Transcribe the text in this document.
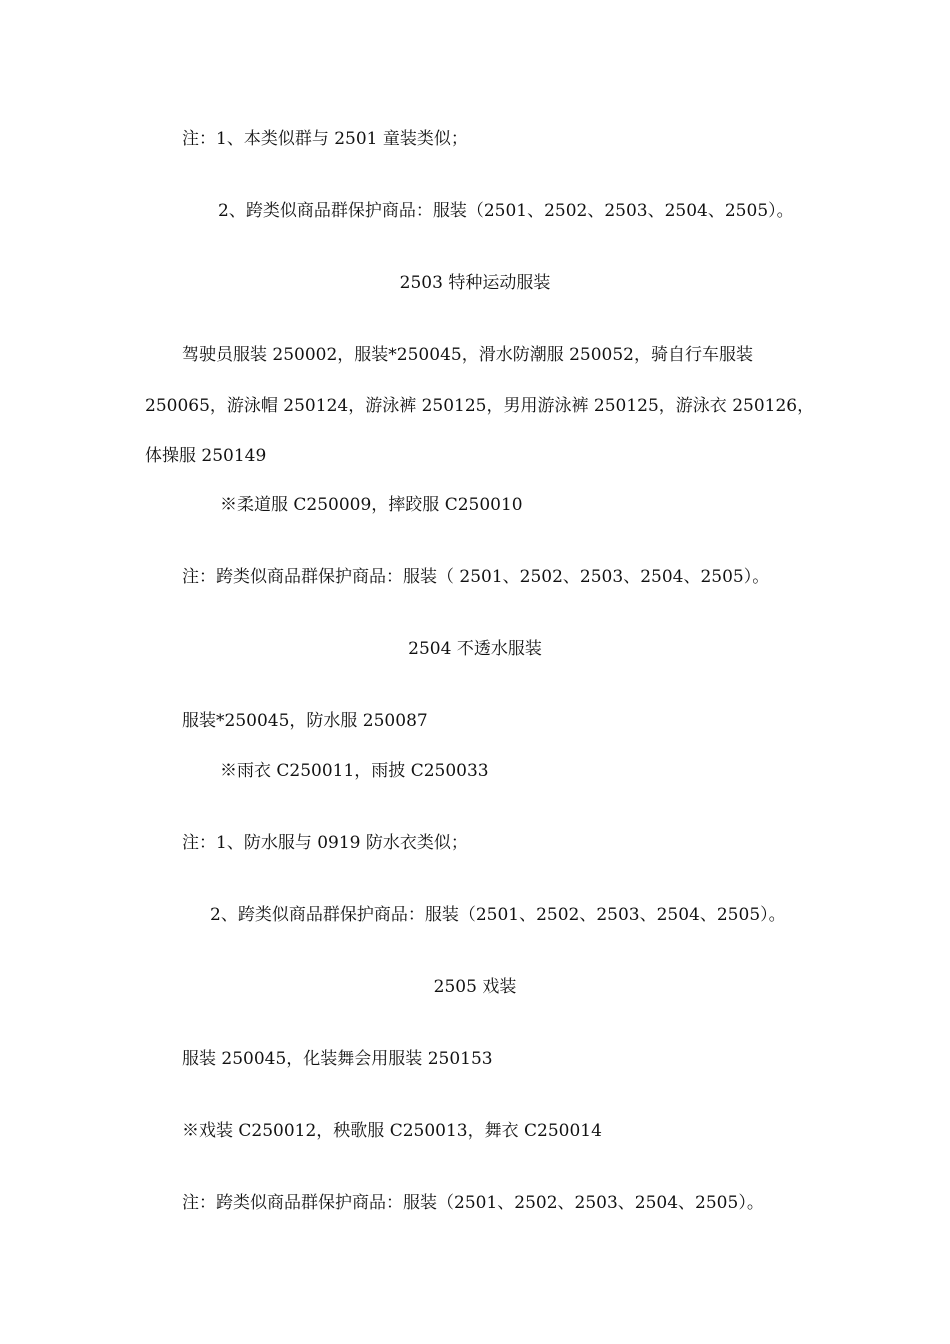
注：1、本类似群与 2501 童装类似；
2、跨类似商品群保护商品：服装（2501、2502、2503、2504、2505）。
2503 特种运动服装
驾驶员服装 250002，服装*250045，滑水防潮服 250052，骑自行车服装
250065，游泳帽 250124，游泳裤 250125，男用游泳裤 250125，游泳衣 250126，
体操服 250149
※柔道服 C250009，摔跤服 C250010
注：跨类似商品群保护商品：服装（ 2501、2502、2503、2504、2505）。
2504 不透水服装
服装*250045，防水服 250087
※雨衣 C250011，雨披 C250033
注：1、防水服与 0919 防水衣类似；
2、跨类似商品群保护商品：服装（2501、2502、2503、2504、2505）。
2505 戏装
服装 250045，化装舞会用服装 250153
※戏装 C250012，秧歌服 C250013，舞衣 C250014
注：跨类似商品群保护商品：服装（2501、2502、2503、2504、2505）。
